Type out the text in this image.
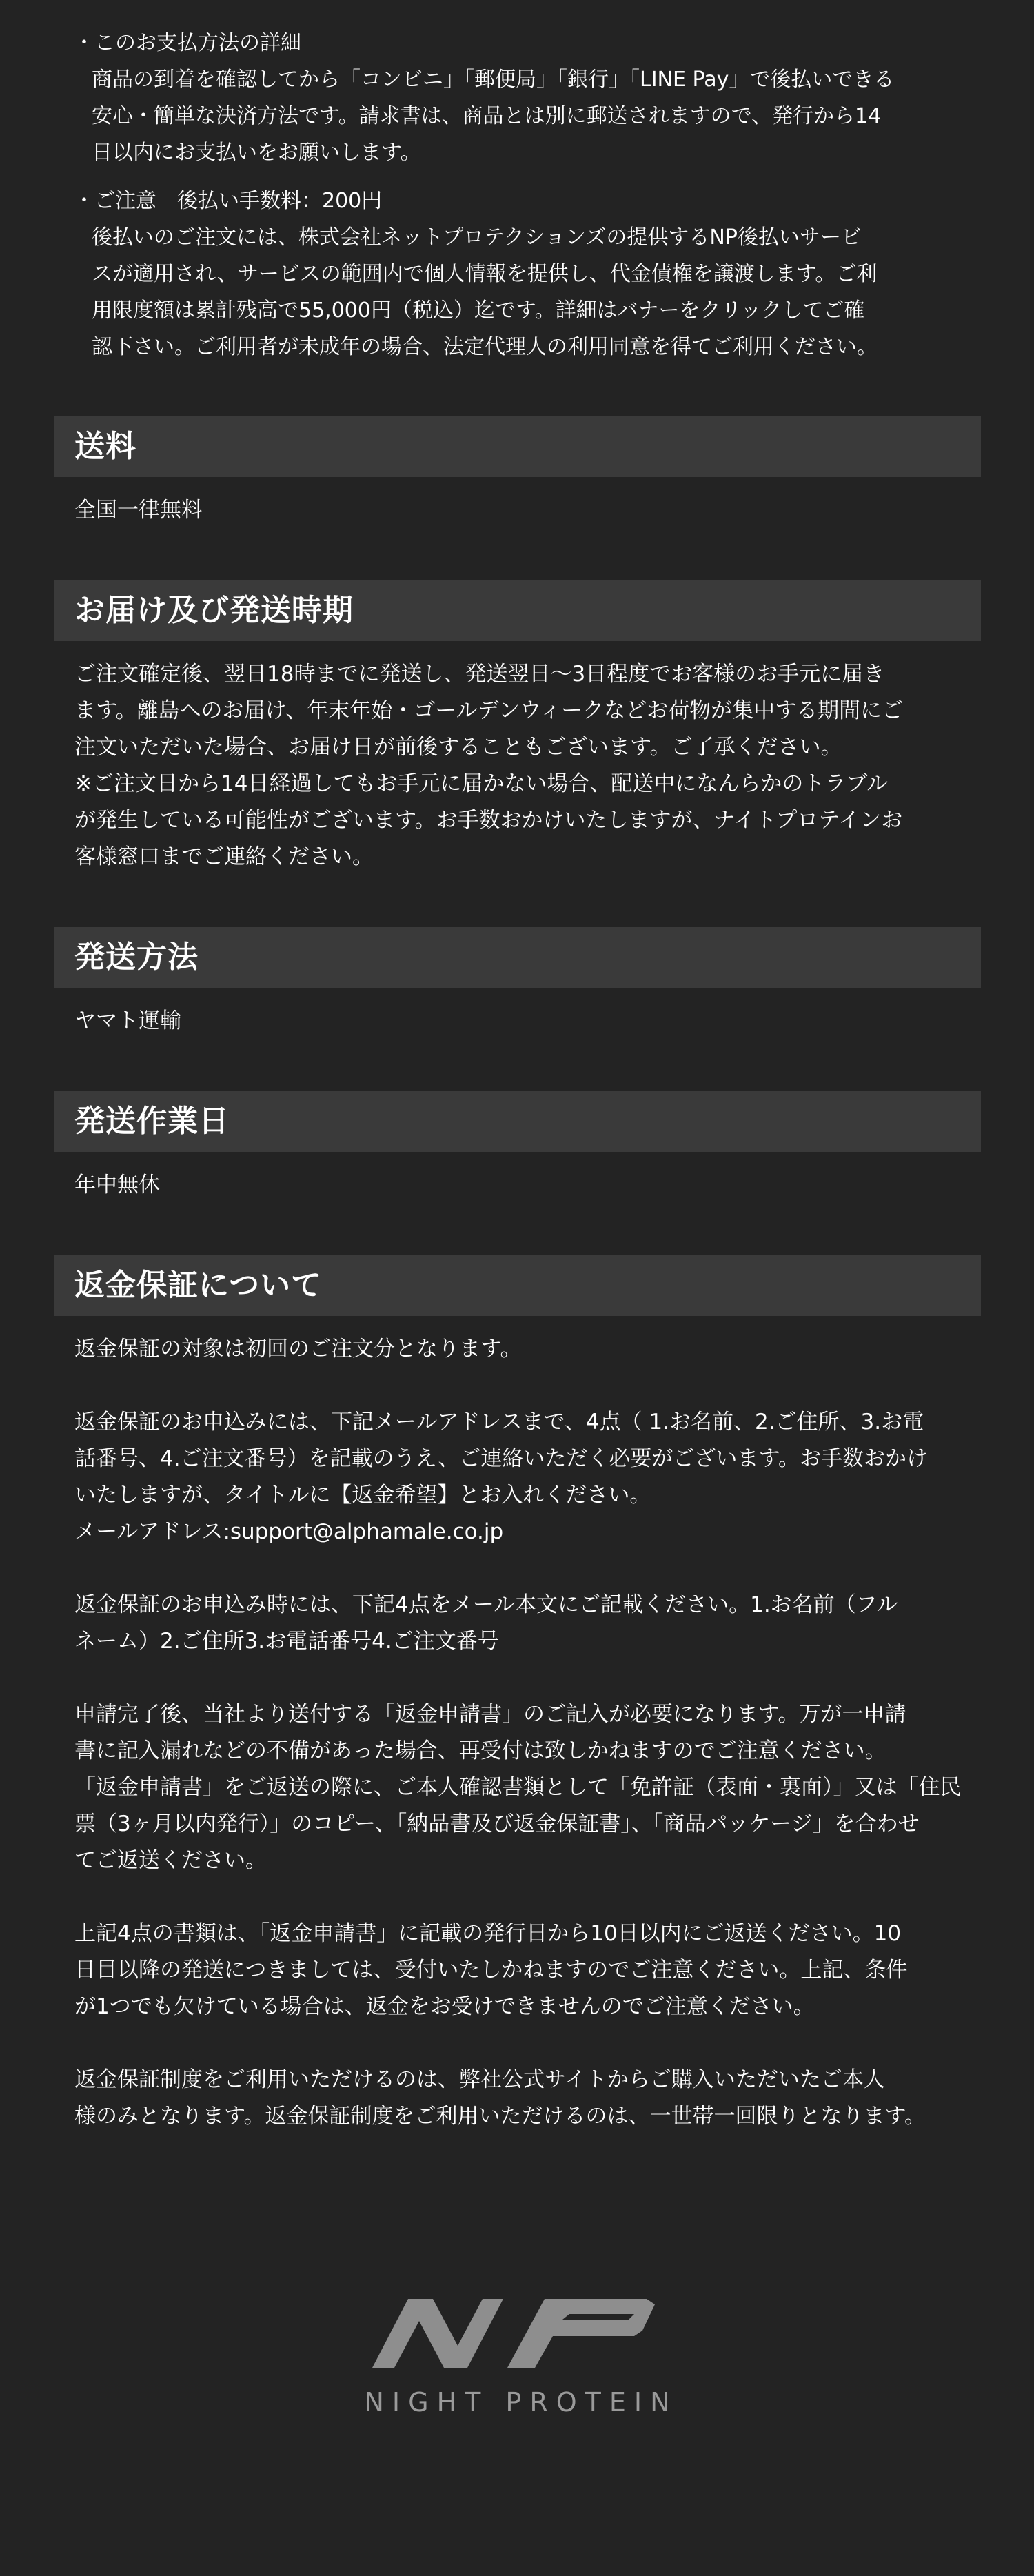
・このお支払方法の詳細
商品の到着を確認してから「コンビニ」「郵便局」「銀行」「LINE Pay」で後払いできる
安心・簡単な決済方法です。請求書は、商品とは別に郵送されますので、発行から14
日以内にお支払いをお願いします。
・ご注意　後払い手数料：200円
後払いのご注文には、株式会社ネットプロテクションズの提供するNP後払いサービ
スが適用され、サービスの範囲内で個人情報を提供し、代金債権を譲渡します。ご利
用限度額は累計残高で55,000円（税込）迄です。詳細はバナーをクリックしてご確
認下さい。ご利用者が未成年の場合、法定代理人の利用同意を得てご利用ください。
送料
全国一律無料
お届け及び発送時期
ご注文確定後、翌日18時までに発送し、発送翌日〜3日程度でお客様のお手元に届き
ます。離島へのお届け、年末年始・ゴールデンウィークなどお荷物が集中する期間にご
注文いただいた場合、お届け日が前後することもございます。ご了承ください。
※ご注文日から14日経過してもお手元に届かない場合、配送中になんらかのトラブル
が発生している可能性がございます。お手数おかけいたしますが、ナイトプロテインお
客様窓口までご連絡ください。
発送方法
ヤマト運輸
発送作業日
年中無休
返金保証について
返金保証の対象は初回のご注文分となります。
返金保証のお申込みには、下記メールアドレスまで、4点（ 1.お名前、2.ご住所、3.お電
話番号、4.ご注文番号）を記載のうえ、ご連絡いただく必要がございます。お手数おかけ
いたしますが、タイトルに【返金希望】とお入れください。
メールアドレス:support@alphamale.co.jp
返金保証のお申込み時には、下記4点をメール本文にご記載ください。1.お名前（フル
ネーム）2.ご住所3.お電話番号4.ご注文番号
申請完了後、当社より送付する「返金申請書」のご記入が必要になります。万が一申請
書に記入漏れなどの不備があった場合、再受付は致しかねますのでご注意ください。
「返金申請書」をご返送の際に、ご本人確認書類として「免許証（表面・裏面）」又は「住民
票（3ヶ月以内発行）」のコピー、「納品書及び返金保証書」、「商品パッケージ」を合わせ
てご返送ください。
上記4点の書類は、「返金申請書」に記載の発行日から10日以内にご返送ください。10
日目以降の発送につきましては、受付いたしかねますのでご注意ください。上記、条件
が1つでも欠けている場合は、返金をお受けできませんのでご注意ください。
返金保証制度をご利用いただけるのは、弊社公式サイトからご購入いただいたご本人
様のみとなります。返金保証制度をご利用いただけるのは、一世帯一回限りとなります。
NIGHT PROTEIN
